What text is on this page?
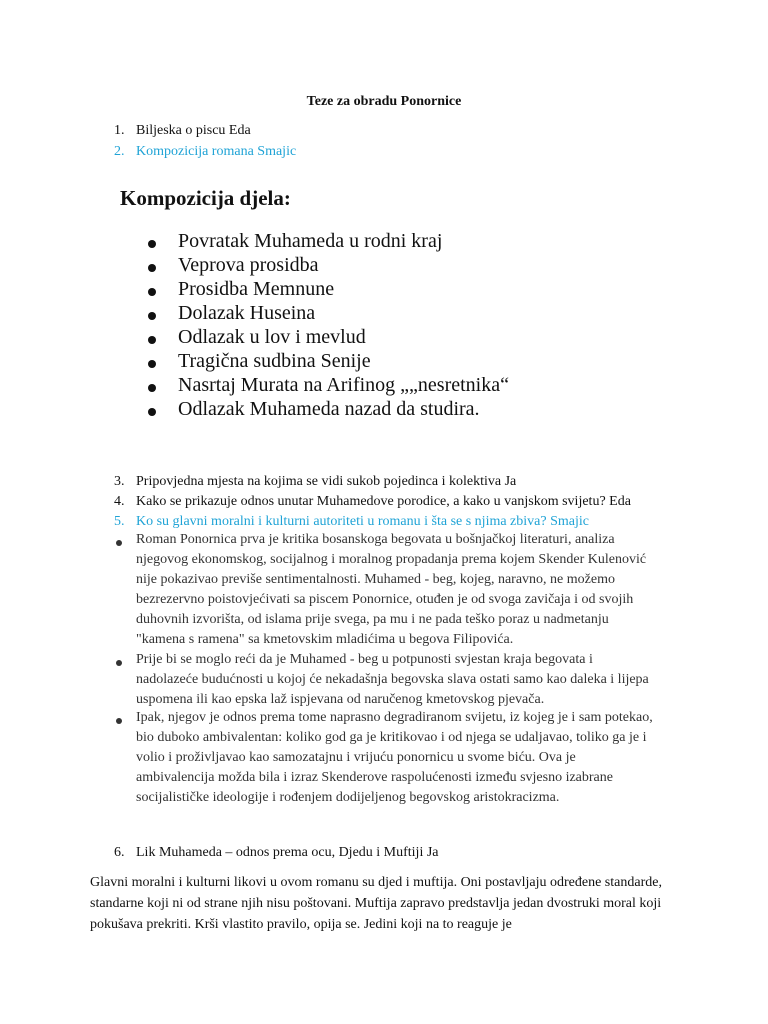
Teze za obradu Ponornice
1. Biljeska o piscu Eda
2. Kompozicija romana Smajic
Kompozicija djela:
Povratak Muhameda u rodni kraj
Veprova prosidba
Prosidba Memnune
Dolazak Huseina
Odlazak u lov i mevlud
Tragična sudbina Senije
Nasrtaj Murata na Arifinog „„nesretnika“
Odlazak Muhameda nazad da studira.
3. Pripovjedna mjesta na kojima se vidi sukob pojedinca i kolektiva Ja
4. Kako se prikazuje odnos unutar Muhamedove porodice, a kako u vanjskom svijetu? Eda
5. Ko su glavni moralni i kulturni autoriteti u romanu i šta se s njima zbiva? Smajic
Roman Ponornica prva je kritika bosanskoga begovata u bošnjačkoj literaturi, analiza njegovog ekonomskog, socijalnog i moralnog propadanja prema kojem Skender Kulenović nije pokazivao previše sentimentalnosti. Muhamed - beg, kojeg, naravno, ne možemo bezrezervno poistovjećivati sa piscem Ponornice, otuđen je od svoga zavičaja i od svojih duhovnih izvorišta, od islama prije svega, pa mu i ne pada teško poraz u nadmetanju "kamena s ramena" sa kmetovskim mladićima u begova Filipovića.
Prije bi se moglo reći da je Muhamed - beg u potpunosti svjestan kraja begovata i nadolazeće budućnosti u kojoj će nekadašnja begovska slava ostati samo kao daleka i lijepa uspomena ili kao epska laž ispjevana od naručenog kmetovskog pjevača.
Ipak, njegov je odnos prema tome naprasno degradiranom svijetu, iz kojeg je i sam potekao, bio duboko ambivalentan: koliko god ga je kritikovao i od njega se udaljavao, toliko ga je i volio i proživljavao kao samozatajnu i vrijuću ponornicu u svome biću. Ova je ambivalencija možda bila i izraz Skenderove raspolućenosti između svjesno izabrane socijalističke ideologije i rođenjem dodijeljenog begovskog aristokracizma.
6. Lik Muhameda – odnos prema ocu, Djedu i Muftiji Ja
Glavni moralni i kulturni likovi u ovom romanu su djed i muftija. Oni postavljaju određene standarde, standarne koji ni od strane njih nisu poštovani. Muftija zapravo predstavlja jedan dvostruki moral koji pokušava prekriti. Krši vlastito pravilo, opija se. Jedini koji na to reaguje je
